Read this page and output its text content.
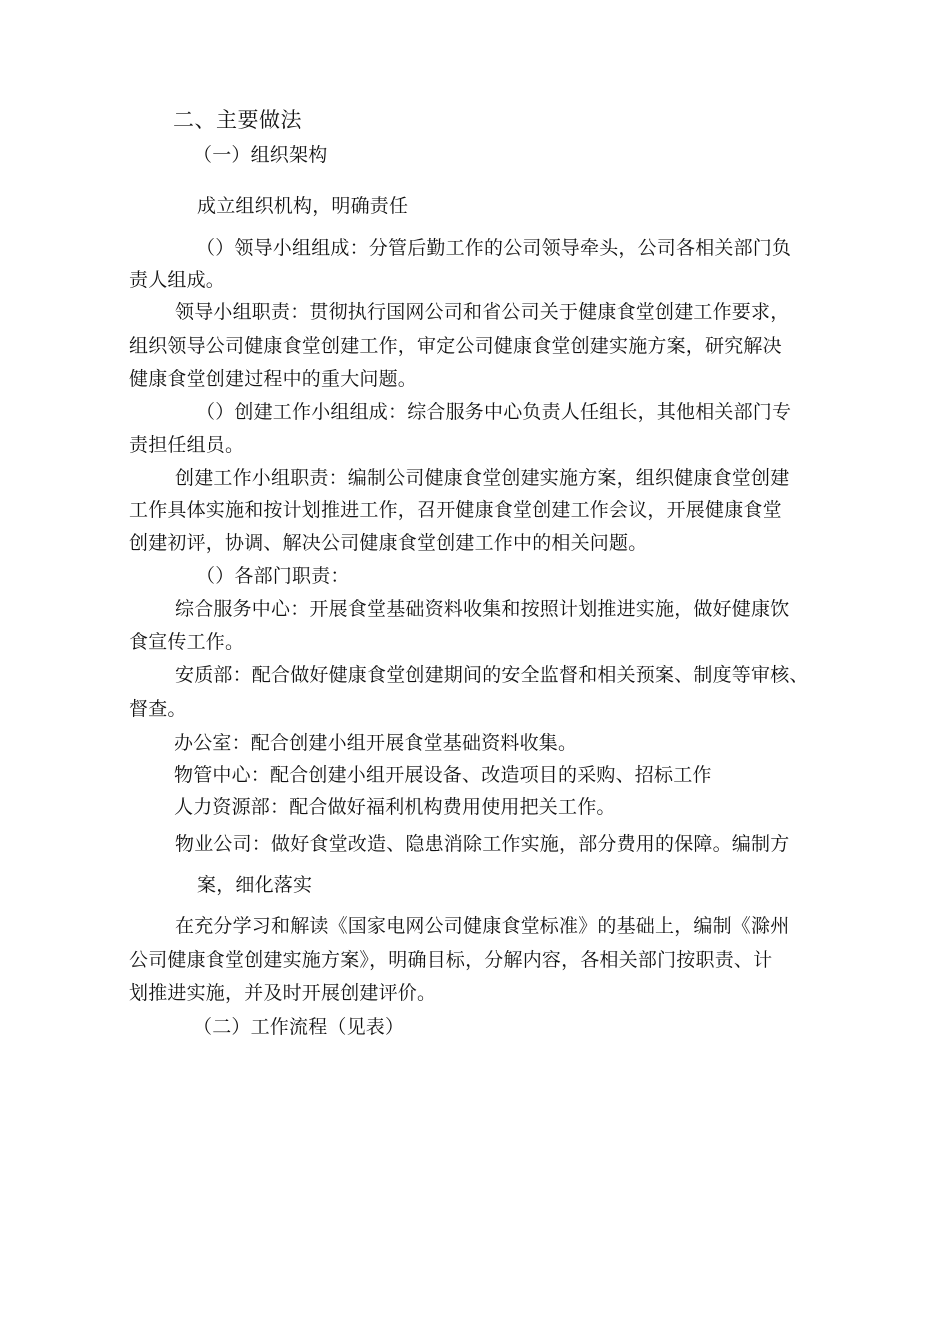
二、主要做法
（一）组织架构
成立组织机构，明确责任
（）领导小组组成：分管后勤工作的公司领导牵头，公司各相关部门负
责人组成。
领导小组职责：贯彻执行国网公司和省公司关于健康食堂创建工作要求，
组织领导公司健康食堂创建工作，审定公司健康食堂创建实施方案，研究解决
健康食堂创建过程中的重大问题。
（）创建工作小组组成：综合服务中心负责人任组长，其他相关部门专
责担任组员。
创建工作小组职责：编制公司健康食堂创建实施方案，组织健康食堂创建
工作具体实施和按计划推进工作，召开健康食堂创建工作会议，开展健康食堂
创建初评，协调、解决公司健康食堂创建工作中的相关问题。
（）各部门职责：
综合服务中心：开展食堂基础资料收集和按照计划推进实施，做好健康饮
食宣传工作。
安质部：配合做好健康食堂创建期间的安全监督和相关预案、制度等审核、
督查。
办公室：配合创建小组开展食堂基础资料收集。
物管中心：配合创建小组开展设备、改造项目的采购、招标工作
人力资源部：配合做好福利机构费用使用把关工作。
物业公司：做好食堂改造、隐患消除工作实施，部分费用的保障。编制方
案，细化落实
在充分学习和解读《国家电网公司健康食堂标准》的基础上，编制《滁州
公司健康食堂创建实施方案》，明确目标，分解内容，各相关部门按职责、计
划推进实施，并及时开展创建评价。
（二）工作流程（见表）
